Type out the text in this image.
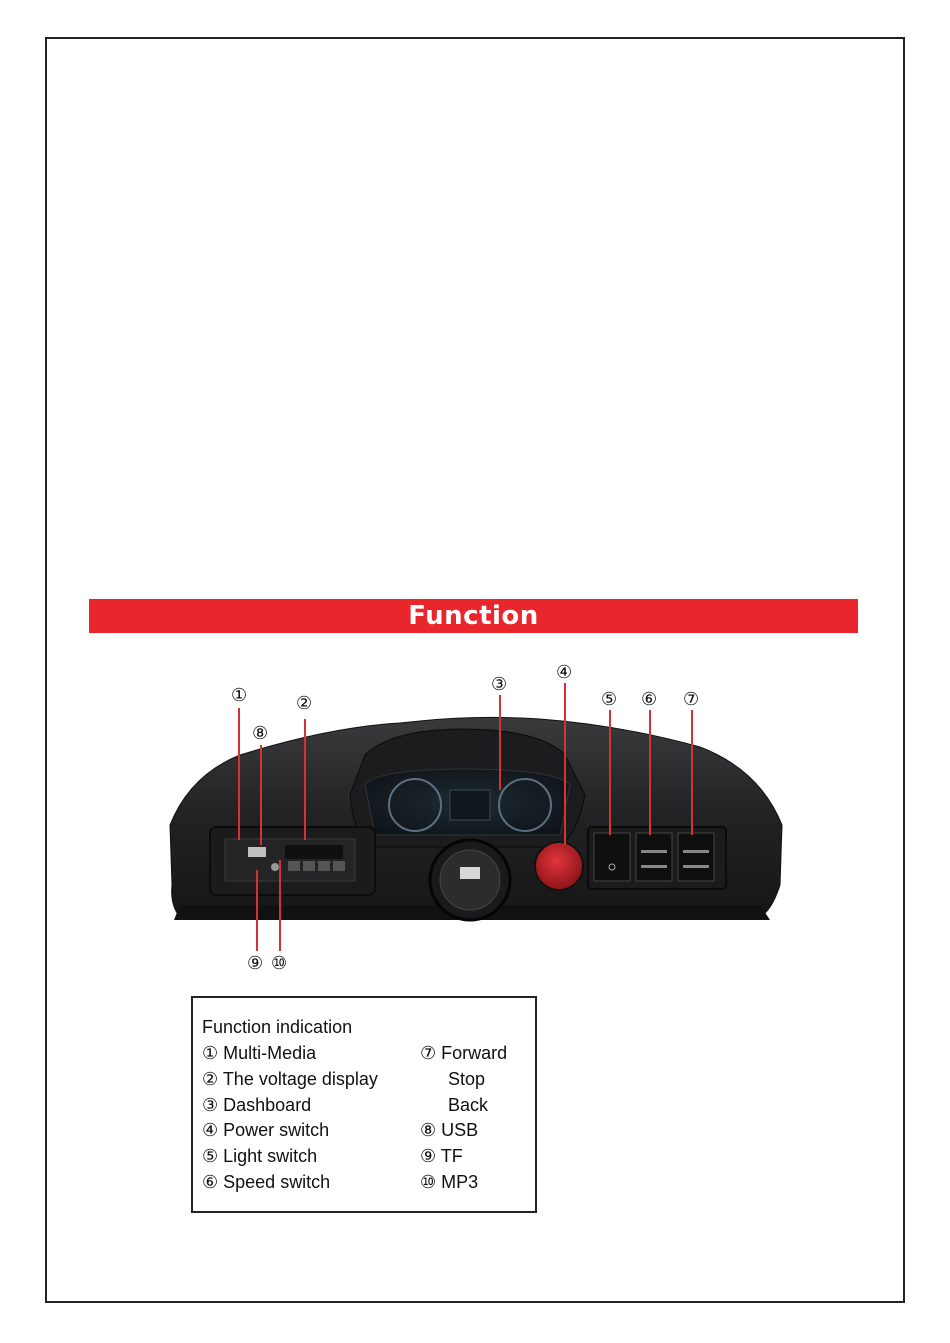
Function
①	②
③
④
⑤ ⑥ ⑦
⑧
⑨ ⑩
Function indication
① Multi-Media
② The voltage display
③ Dashboard
④ Power switch
⑤ Light switch
⑥ Speed switch
⑦ Forward
Stop
Back
⑧ USB
⑨ TF
⑩ MP3
